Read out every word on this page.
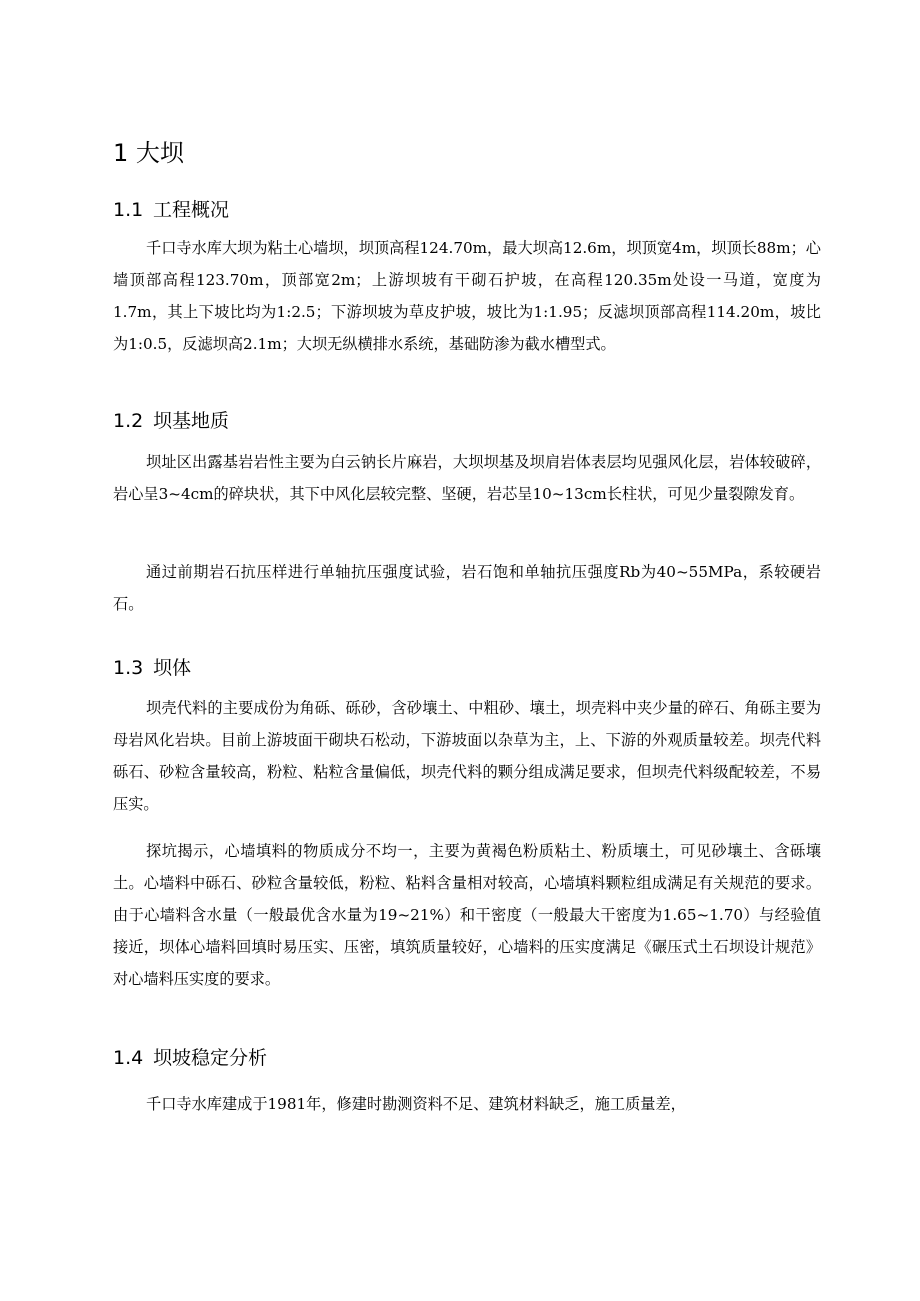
1 大坝
1.1 工程概况

千口寺水库大坝为粘土心墙坝，坝顶高程124.70m，最大坝高12.6m，坝顶宽4m，坝顶长88m；心墙顶部高程123.70m，顶部宽2m；上游坝坡有干砌石护坡，在高程120.35m处设一马道，宽度为1.7m，其上下坡比均为1:2.5；下游坝坡为草皮护坡，坡比为1:1.95；反滤坝顶部高程114.20m，坡比为1:0.5，反滤坝高2.1m；大坝无纵横排水系统，基础防渗为截水槽型式。

1.2 坝基地质

坝址区出露基岩岩性主要为白云钠长片麻岩，大坝坝基及坝肩岩体表层均见强风化层，岩体较破碎，岩心呈3~4cm的碎块状，其下中风化层较完整、坚硬，岩芯呈10~13cm长柱状，可见少量裂隙发育。

通过前期岩石抗压样进行单轴抗压强度试验，岩石饱和单轴抗压强度Rb为40~55MPa，系较硬岩石。

1.3 坝体

坝壳代料的主要成份为角砾、砾砂，含砂壤土、中粗砂、壤土，坝壳料中夹少量的碎石、角砾主要为母岩风化岩块。目前上游坡面干砌块石松动，下游坡面以杂草为主，上、下游的外观质量较差。坝壳代料砾石、砂粒含量较高，粉粒、粘粒含量偏低，坝壳代料的颗分组成满足要求，但坝壳代料级配较差，不易压实。

探坑揭示，心墙填料的物质成分不均一，主要为黄褐色粉质粘土、粉质壤土，可见砂壤土、含砾壤土。心墙料中砾石、砂粒含量较低，粉粒、粘料含量相对较高，心墙填料颗粒组成满足有关规范的要求。由于心墙料含水量（一般最优含水量为19~21%）和干密度（一般最大干密度为1.65~1.70）与经验值接近，坝体心墙料回填时易压实、压密，填筑质量较好，心墙料的压实度满足《碾压式土石坝设计规范》对心墙料压实度的要求。

1.4 坝坡稳定分析

千口寺水库建成于1981年，修建时勘测资料不足、建筑材料缺乏，施工质量差，
